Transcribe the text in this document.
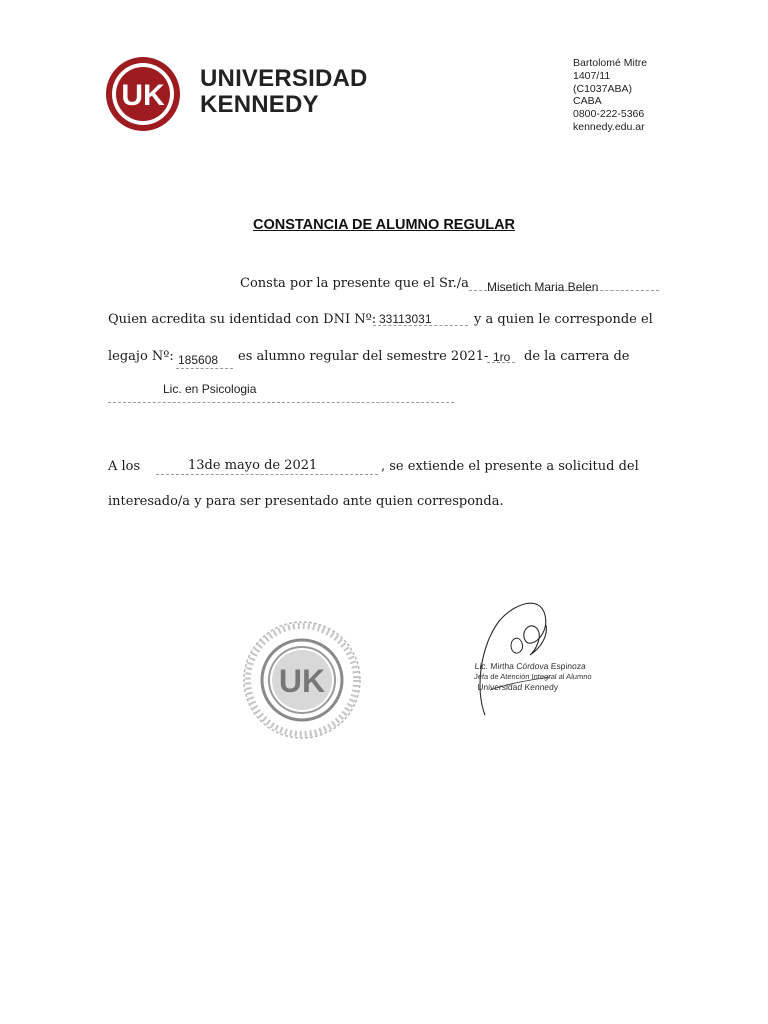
UK
UNIVERSIDAD
KENNEDY
Bartolomé Mitre
1407/11
(C1037ABA)
CABA
0800-222-5366
kennedy.edu.ar
CONSTANCIA DE ALUMNO REGULAR
Consta por la presente que el Sr./a Misetich Maria Belen
Quien acredita su identidad con DNI Nº: 33113031	y a quien le corresponde el
legajo Nº: 185608 es alumno regular del semestre 2021- 1ro de la carrera de
Lic. en Psicologia
A los	13de mayo de 2021	, se extiende el presente a solicitud del
interesado/a y para ser presentado ante quien corresponda.
UK	Lic. Mirtha Córdova Espinoza
Jefa de Atención Integral al Alumno
Universidad Kennedy
